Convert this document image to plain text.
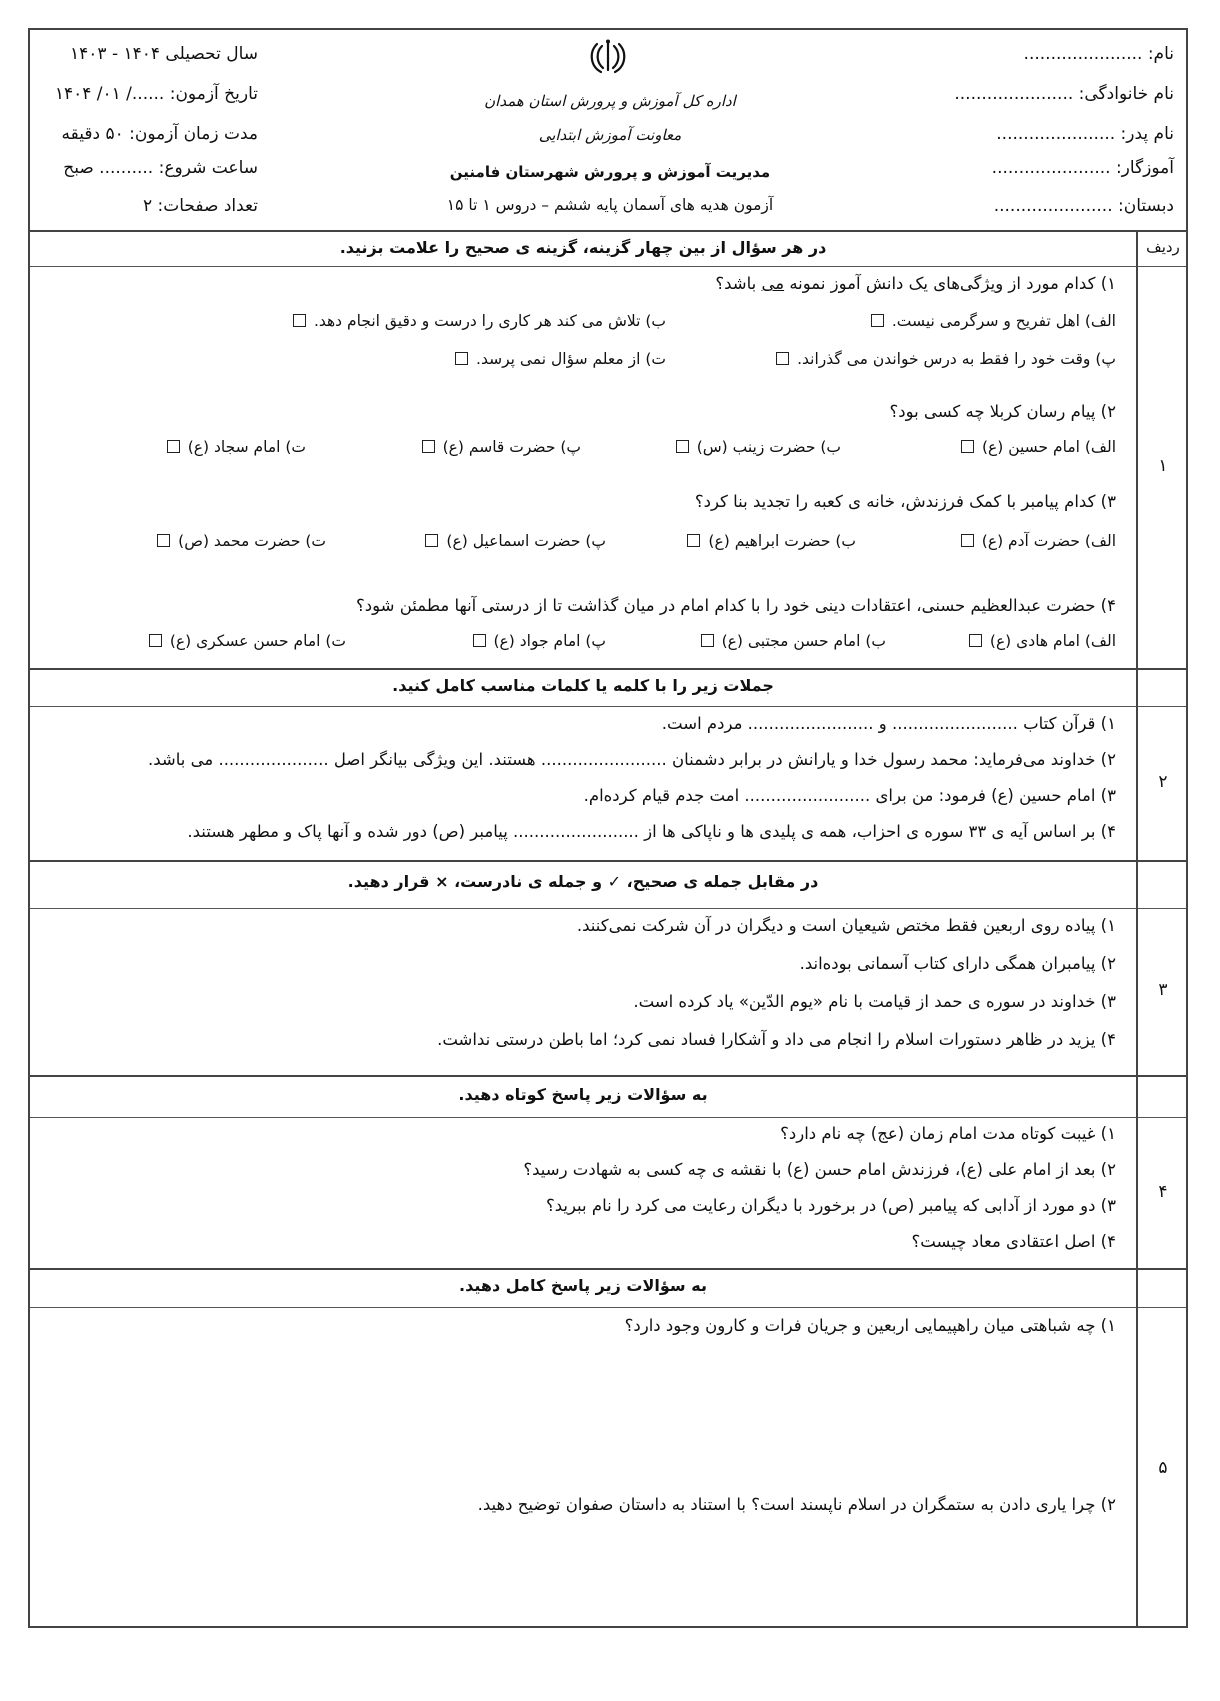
نام: ......................
نام خانوادگی: ......................
نام پدر: ......................
آموزگار: ......................
دبستان: ......................
اداره کل آموزش و پرورش استان همدان
معاونت آموزش ابتدایی
مدیریت آموزش و پرورش شهرستان فامنین
آزمون هدیه های آسمان پایه ششم – دروس ۱ تا ۱۵
سال تحصیلی ۱۴۰۴ - ۱۴۰۳
تاریخ آزمون: ....../ ۰۱/ ۱۴۰۴
مدت زمان آزمون: ۵۰ دقیقه
ساعت شروع: .......... صبح
تعداد صفحات: ۲
ردیف
در هر سؤال از بین چهار گزینه، گزینه ی صحیح را علامت بزنید.
۱
۱) کدام مورد از ویژگی‌های یک دانش آموز نمونه می باشد؟
الف) اهل تفریح و سرگرمی نیست.
ب) تلاش می کند هر کاری را درست و دقیق انجام دهد.
پ) وقت خود را فقط به درس خواندن می گذراند.
ت) از معلم سؤال نمی پرسد.
۲) پیام رسان کربلا چه کسی بود؟
الف) امام حسین (ع)
ب) حضرت زینب (س)
پ) حضرت قاسم (ع)
ت) امام سجاد (ع)
۳) کدام پیامبر با کمک فرزندش، خانه ی کعبه را تجدید بنا کرد؟
الف) حضرت آدم (ع)
ب) حضرت ابراهیم (ع)
پ) حضرت اسماعیل (ع)
ت) حضرت محمد (ص)
۴) حضرت عبدالعظیم حسنی، اعتقادات دینی خود را با کدام امام در میان گذاشت تا از درستی آنها مطمئن شود؟
الف) امام هادی (ع)
ب) امام حسن مجتبی (ع)
پ) امام جواد (ع)
ت) امام حسن عسکری (ع)
جملات زیر را با کلمه یا کلمات مناسب کامل کنید.
۲
۱) قرآن کتاب ........................ و ........................ مردم است.
۲) خداوند می‌فرماید: محمد رسول خدا و یارانش در برابر دشمنان ........................ هستند. این ویژگی بیانگر اصل ..................... می باشد.
۳) امام حسین (ع) فرمود: من برای ........................ امت جدم قیام کرده‌ام.
۴) بر اساس آیه ی ۳۳ سوره ی احزاب، همه ی پلیدی ها و ناپاکی ها از ........................ پیامبر (ص) دور شده و آنها پاک و مطهر هستند.
در مقابل جمله ی صحیح، ✓ و جمله ی نادرست، × قرار دهید.
۳
۱) پیاده روی اربعین فقط مختص شیعیان است و دیگران در آن شرکت نمی‌کنند.
۲) پیامبران همگی دارای کتاب آسمانی بوده‌اند.
۳) خداوند در سوره ی حمد از قیامت با نام «یوم الدّین» یاد کرده است.
۴) یزید در ظاهر دستورات اسلام را انجام می داد و آشکارا فساد نمی کرد؛ اما باطن درستی نداشت.
به سؤالات زیر پاسخ کوتاه دهید.
۴
۱) غیبت کوتاه مدت امام زمان (عج) چه نام دارد؟
۲) بعد از امام علی (ع)، فرزندش امام حسن (ع) با نقشه ی چه کسی به شهادت رسید؟
۳) دو مورد از آدابی که پیامبر (ص) در برخورد با دیگران رعایت می کرد را نام ببرید؟
۴) اصل اعتقادی معاد چیست؟
به سؤالات زیر پاسخ کامل دهید.
۵
۱) چه شباهتی میان راهپیمایی اربعین و جریان فرات و کارون وجود دارد؟
۲) چرا یاری دادن به ستمگران در اسلام ناپسند است؟ با استناد به داستان صفوان توضیح دهید.
